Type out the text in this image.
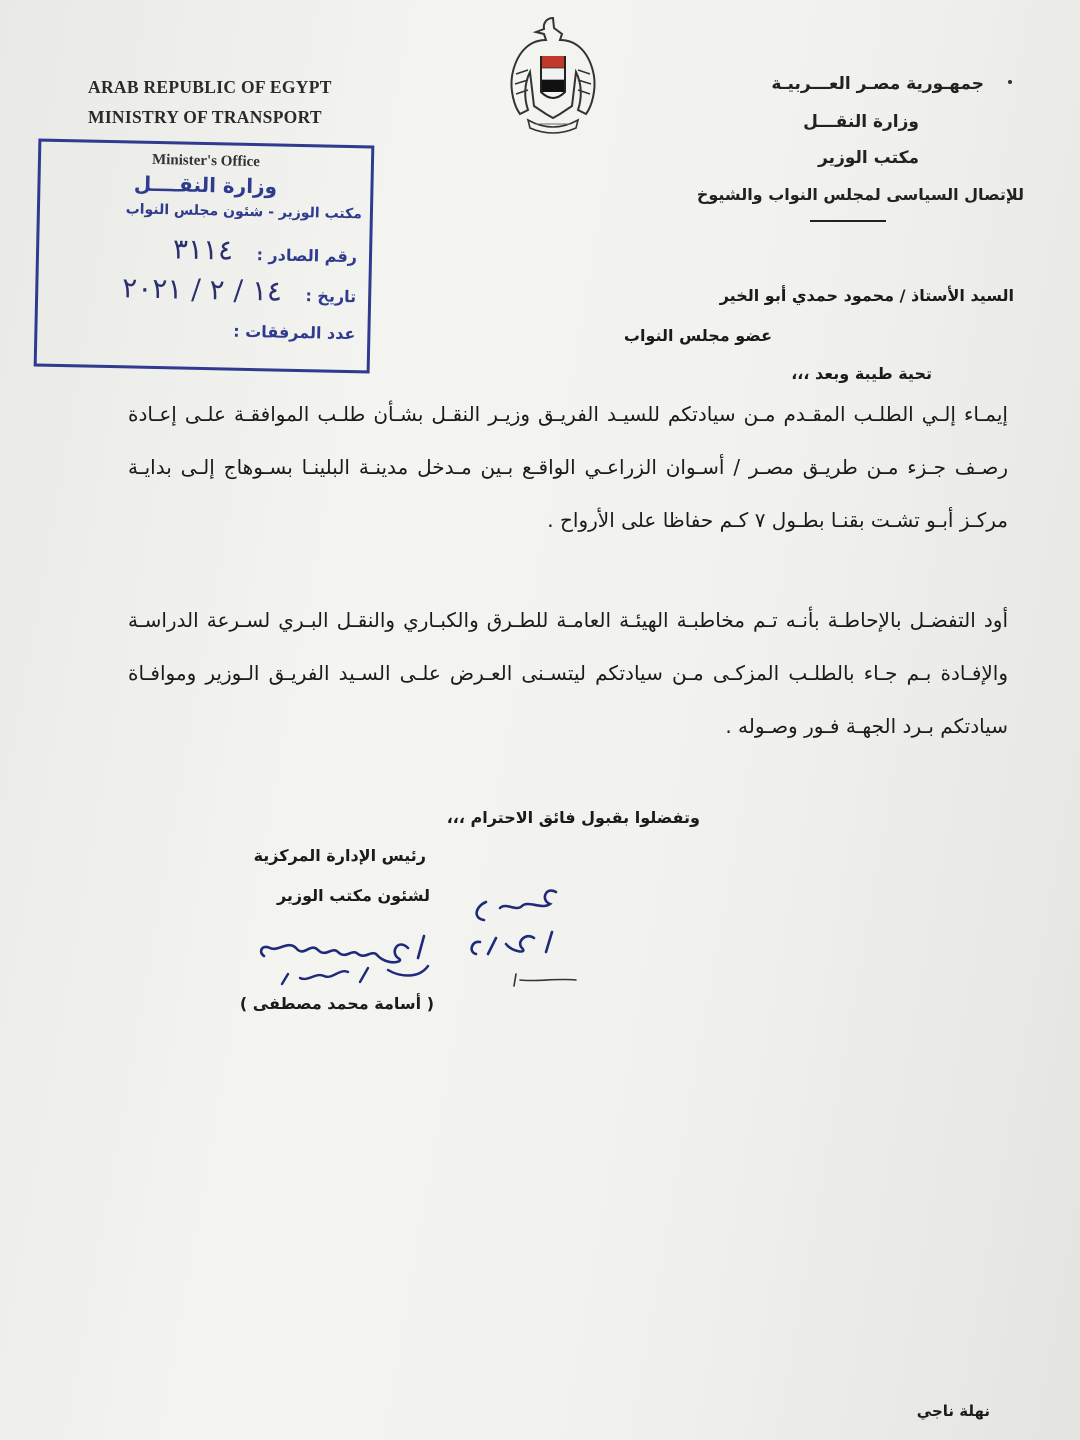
ARAB REPUBLIC OF EGYPT
MINISTRY OF TRANSPORT
جمهـورية مصـر العـــربيـة
وزارة النقـــل
مكتب الوزير
للإتصال السياسى لمجلس النواب والشيوخ
Minister's Office
وزارة النقــــل
مكتب الوزير - شئون مجلس النواب
رقم الصادر : ٣١١٤
تاريخ : ١٤ / ٢ / ٢٠٢١
عدد المرفقات :
السيد الأستاذ / محمود حمدي أبو الخير
عضو مجلس النواب
تحية طيبة وبعد ،،،
إيمـاء إلـي الطلـب المقـدم مـن سيادتكم للسيـد الفريـق وزيـر النقـل بشـأن طلـب الموافقـة علـى إعـادة رصـف جـزء مـن طريـق مصـر / أسـوان الزراعـي الواقـع بـين مـدخل مدينـة البلينـا بسـوهاج إلـى بدايـة مركـز أبـو تشـت بقنـا بطـول ٧ كـم حفاظا على الأرواح .
أود التفضـل بالإحاطـة بأنـه تـم مخاطبـة الهيئـة العامـة للطـرق والكبـاري والنقـل البـري لسـرعة الدراسـة والإفـادة بـم جـاء بالطلـب المزكـى مـن سيادتكم ليتسـنى العـرض علـى السـيد الفريـق الـوزير وموافـاة سيادتكم بـرد الجهـة فـور وصـوله .
وتفضلوا بقبول فائق الاحترام ،،،
رئيس الإدارة المركزية
لشئون مكتب الوزير
( أسامة محمد مصطفى )
نهلة ناجي
